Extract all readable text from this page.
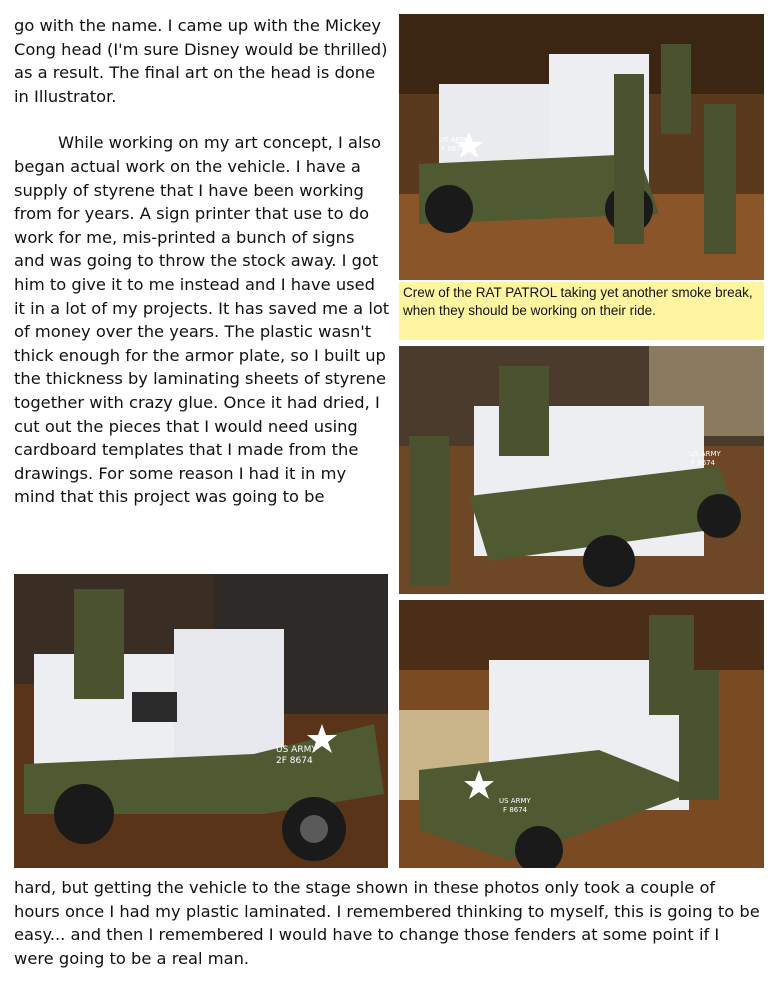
go with the name. I came up with the Mickey Cong head (I'm sure Disney would be thrilled) as a result. The final art on the head is done in Illustrator.

While working on my art concept, I also began actual work on the vehicle. I have a supply of styrene that I have been working from for years. A sign printer that use to do work for me, mis-printed a bunch of signs and was going to throw the stock away. I got him to give it to me instead and I have used it in a lot of my projects. It has saved me a lot of money over the years. The plastic wasn't thick enough for the armor plate, so I built up the thickness by laminating sheets of styrene together with crazy glue. Once it had dried, I cut out the pieces that I would need using cardboard templates that I made from the drawings. For some reason I had it in my mind that this project was going to be

US ARMY
F 8674
Crew of the RAT PATROL taking yet another smoke break, when they should be working on their ride.
US ARMY
F 8674
US ARMY
2F 8674
US ARMY
F 8674

hard, but getting the vehicle to the stage shown in these photos only took a couple of hours once I had my plastic laminated. I remembered thinking to myself, this is going to be easy... and then I remembered I would have to change those fenders at some point if I were going to be a real man.
